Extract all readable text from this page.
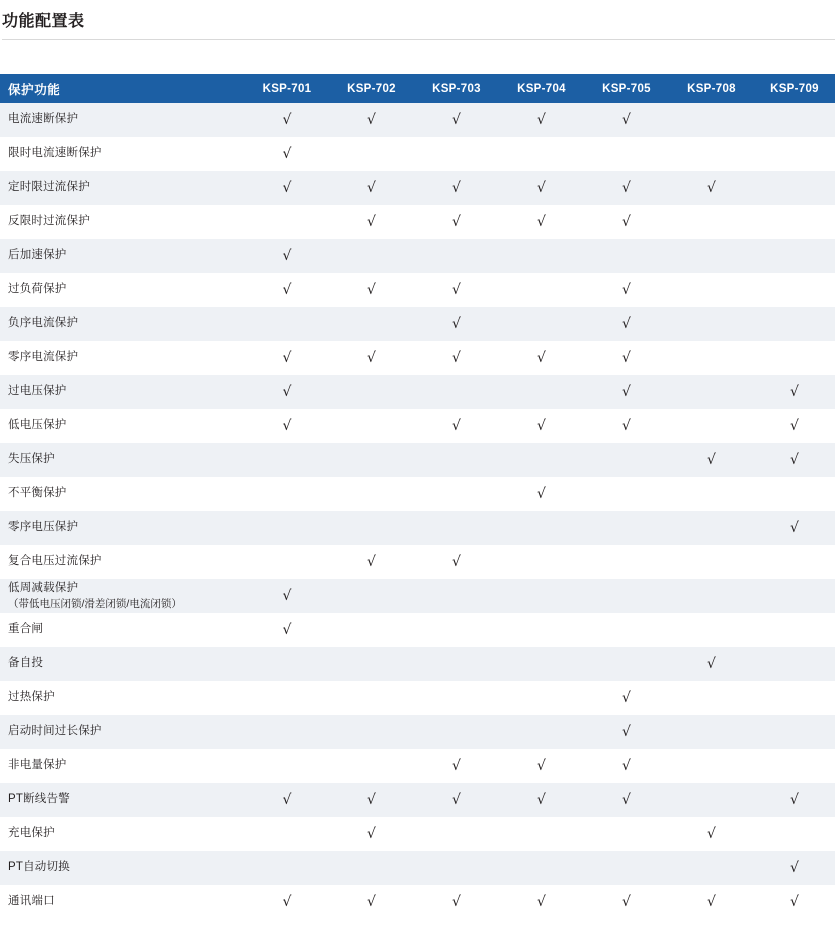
功能配置表
保护功能	KSP-701	KSP-702	KSP-703	KSP-704	KSP-705	KSP-708	KSP-709
电流速断保护	√	√	√	√	√		
限时电流速断保护	√						
定时限过流保护	√	√	√	√	√	√	
反限时过流保护		√	√	√	√		
后加速保护	√						
过负荷保护	√	√	√		√		
负序电流保护			√		√		
零序电流保护	√	√	√	√	√		
过电压保护	√				√		√
低电压保护	√		√	√	√		√
失压保护						√	√
不平衡保护				√			
零序电压保护							√
复合电压过流保护		√	√				
低周减载保护
（带低电压闭锁/滑差闭锁/电流闭锁）	√						
重合闸	√						
备自投						√	
过热保护					√		
启动时间过长保护					√		
非电量保护			√	√	√		
PT断线告警	√	√	√	√	√		√
充电保护		√				√	
PT自动切换							√
通讯端口	√	√	√	√	√	√	√
